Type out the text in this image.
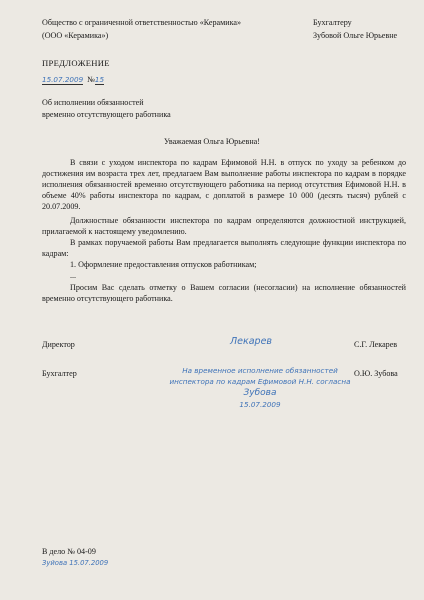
Общество с ограниченной ответственностью «Керамика»
(ООО «Керамика»)
Бухгалтеру
Зубовой Ольге Юрьевне
ПРЕДЛОЖЕНИЕ
15.07.2009 №15
Об исполнении обязанностей
временно отсутствующего работника
Уважаемая Ольга Юрьевна!
В связи с уходом инспектора по кадрам Ефимовой Н.Н. в отпуск по уходу за ребенком до достижения им возраста трех лет, предлагаем Вам выполнение работы инспектора по кадрам в порядке исполнения обязанностей временно отсутствующего работника на период отсутствия Ефимовой Н.Н. в объеме 40% работы инспектора по кадрам, с доплатой в размере 10 000 (десять тысяч) рублей с 20.07.2009.
Должностные обязанности инспектора по кадрам определяются должностной инструкцией, прилагаемой к настоящему уведомлению.
В рамках поручаемой работы Вам предлагается выполнять следующие функции инспектора по кадрам:
1. Оформление предоставления отпусков работникам;
...
Просим Вас сделать отметку о Вашем согласии (несогласии) на исполнение обязанностей временно отсутствующего работника.
Директор	Лекарев	С.Г. Лекарев
Бухгалтер	О.Ю. Зубова
На временное исполнение обязанностей
инспектора по кадрам Ефимовой Н.Н. согласна
Зубова
15.07.2009
В дело № 04-09
Зуйова 15.07.2009
